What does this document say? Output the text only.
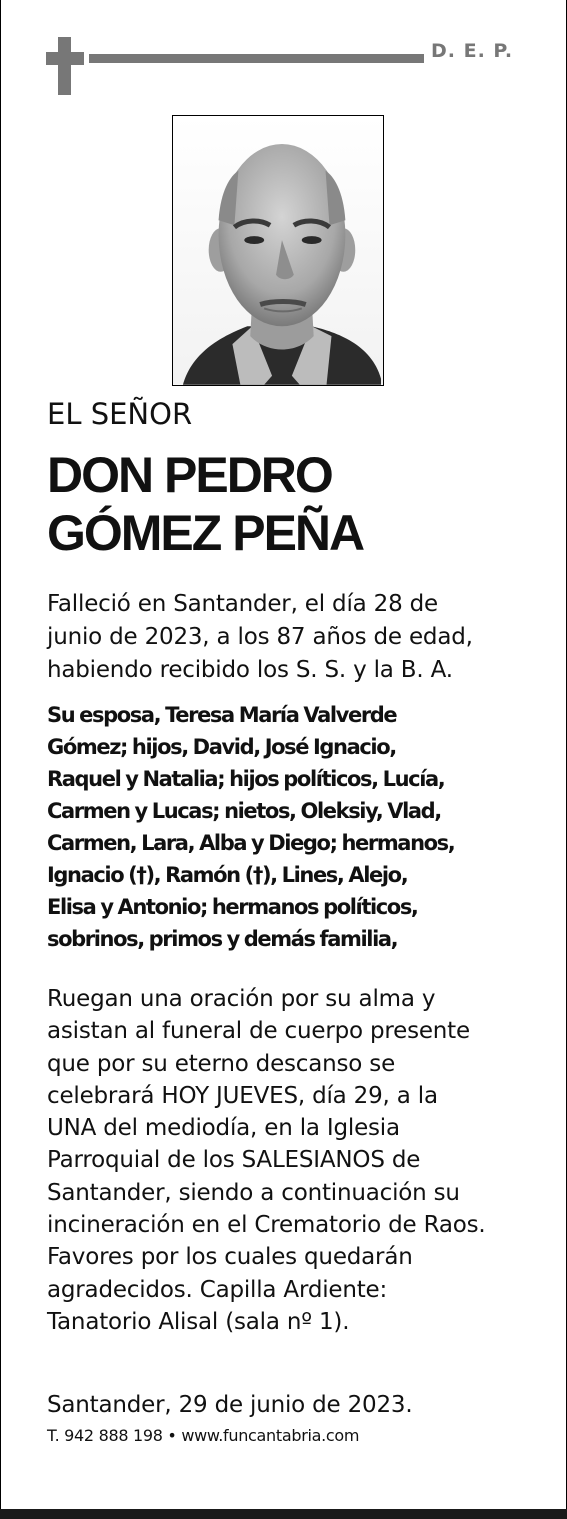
D. E. P.
EL SEÑOR
DON PEDRO
GÓMEZ PEÑA
Falleció en Santander, el día 28 de
junio de 2023, a los 87 años de edad,
habiendo recibido los S. S. y la B. A.
Su esposa, Teresa María Valverde
Gómez; hijos, David, José Ignacio,
Raquel y Natalia; hijos políticos, Lucía,
Carmen y Lucas; nietos, Oleksiy, Vlad,
Carmen, Lara, Alba y Diego; hermanos,
Ignacio (†), Ramón (†), Lines, Alejo,
Elisa y Antonio; hermanos políticos,
sobrinos, primos y demás familia,
Ruegan una oración por su alma y
asistan al funeral de cuerpo presente
que por su eterno descanso se
celebrará HOY JUEVES, día 29, a la
UNA del mediodía, en la Iglesia
Parroquial de los SALESIANOS de
Santander, siendo a continuación su
incineración en el Crematorio de Raos.
Favores por los cuales quedarán
agradecidos. Capilla Ardiente:
Tanatorio Alisal (sala nº 1).
Santander, 29 de junio de 2023.
T. 942 888 198 • www.funcantabria.com
